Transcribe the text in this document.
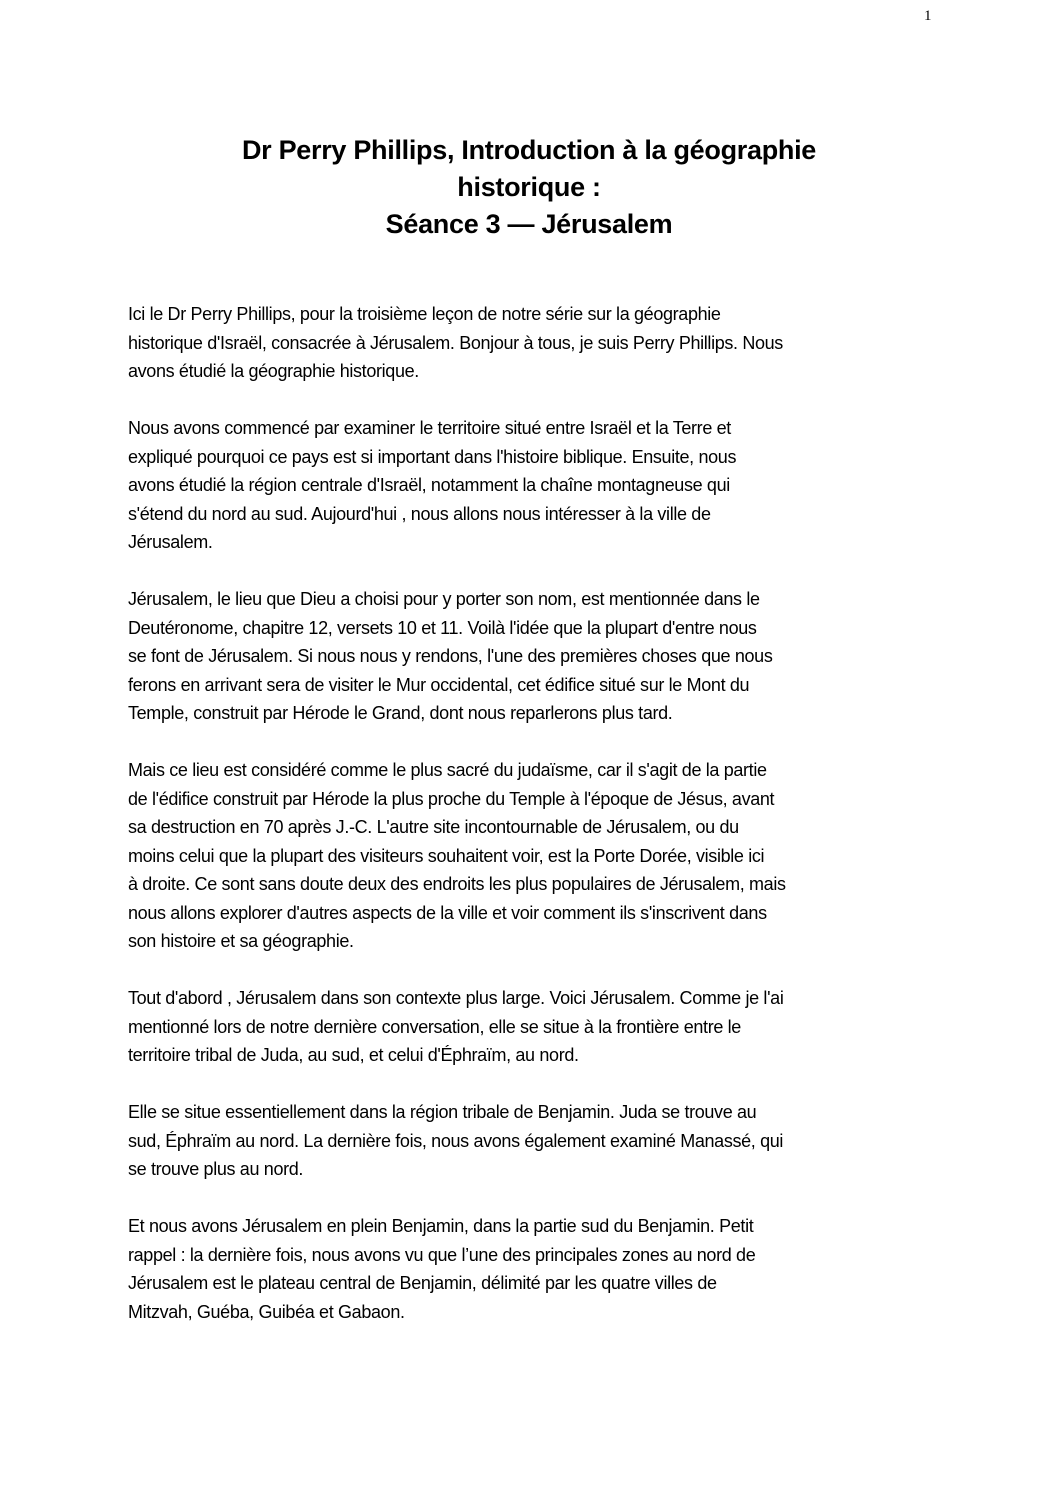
1
Dr Perry Phillips, Introduction à la géographie
historique :
Séance 3 — Jérusalem
Ici le Dr Perry Phillips, pour la troisième leçon de notre série sur la géographie
historique d'Israël, consacrée à Jérusalem. Bonjour à tous, je suis Perry Phillips. Nous
avons étudié la géographie historique.
Nous avons commencé par examiner le territoire situé entre Israël et la Terre et
expliqué pourquoi ce pays est si important dans l'histoire biblique. Ensuite, nous
avons étudié la région centrale d'Israël, notamment la chaîne montagneuse qui
s'étend du nord au sud. Aujourd'hui , nous allons nous intéresser à la ville de
Jérusalem.
Jérusalem, le lieu que Dieu a choisi pour y porter son nom, est mentionnée dans le
Deutéronome, chapitre 12, versets 10 et 11. Voilà l'idée que la plupart d'entre nous
se font de Jérusalem. Si nous nous y rendons, l'une des premières choses que nous
ferons en arrivant sera de visiter le Mur occidental, cet édifice situé sur le Mont du
Temple, construit par Hérode le Grand, dont nous reparlerons plus tard.
Mais ce lieu est considéré comme le plus sacré du judaïsme, car il s'agit de la partie
de l'édifice construit par Hérode la plus proche du Temple à l'époque de Jésus, avant
sa destruction en 70 après J.-C. L'autre site incontournable de Jérusalem, ou du
moins celui que la plupart des visiteurs souhaitent voir, est la Porte Dorée, visible ici
à droite. Ce sont sans doute deux des endroits les plus populaires de Jérusalem, mais
nous allons explorer d'autres aspects de la ville et voir comment ils s'inscrivent dans
son histoire et sa géographie.
Tout d'abord , Jérusalem dans son contexte plus large. Voici Jérusalem. Comme je l'ai
mentionné lors de notre dernière conversation, elle se situe à la frontière entre le
territoire tribal de Juda, au sud, et celui d'Éphraïm, au nord.
Elle se situe essentiellement dans la région tribale de Benjamin. Juda se trouve au
sud, Éphraïm au nord. La dernière fois, nous avons également examiné Manassé, qui
se trouve plus au nord.
Et nous avons Jérusalem en plein Benjamin, dans la partie sud du Benjamin. Petit
rappel : la dernière fois, nous avons vu que l’une des principales zones au nord de
Jérusalem est le plateau central de Benjamin, délimité par les quatre villes de
Mitzvah, Guéba, Guibéa et Gabaon.
